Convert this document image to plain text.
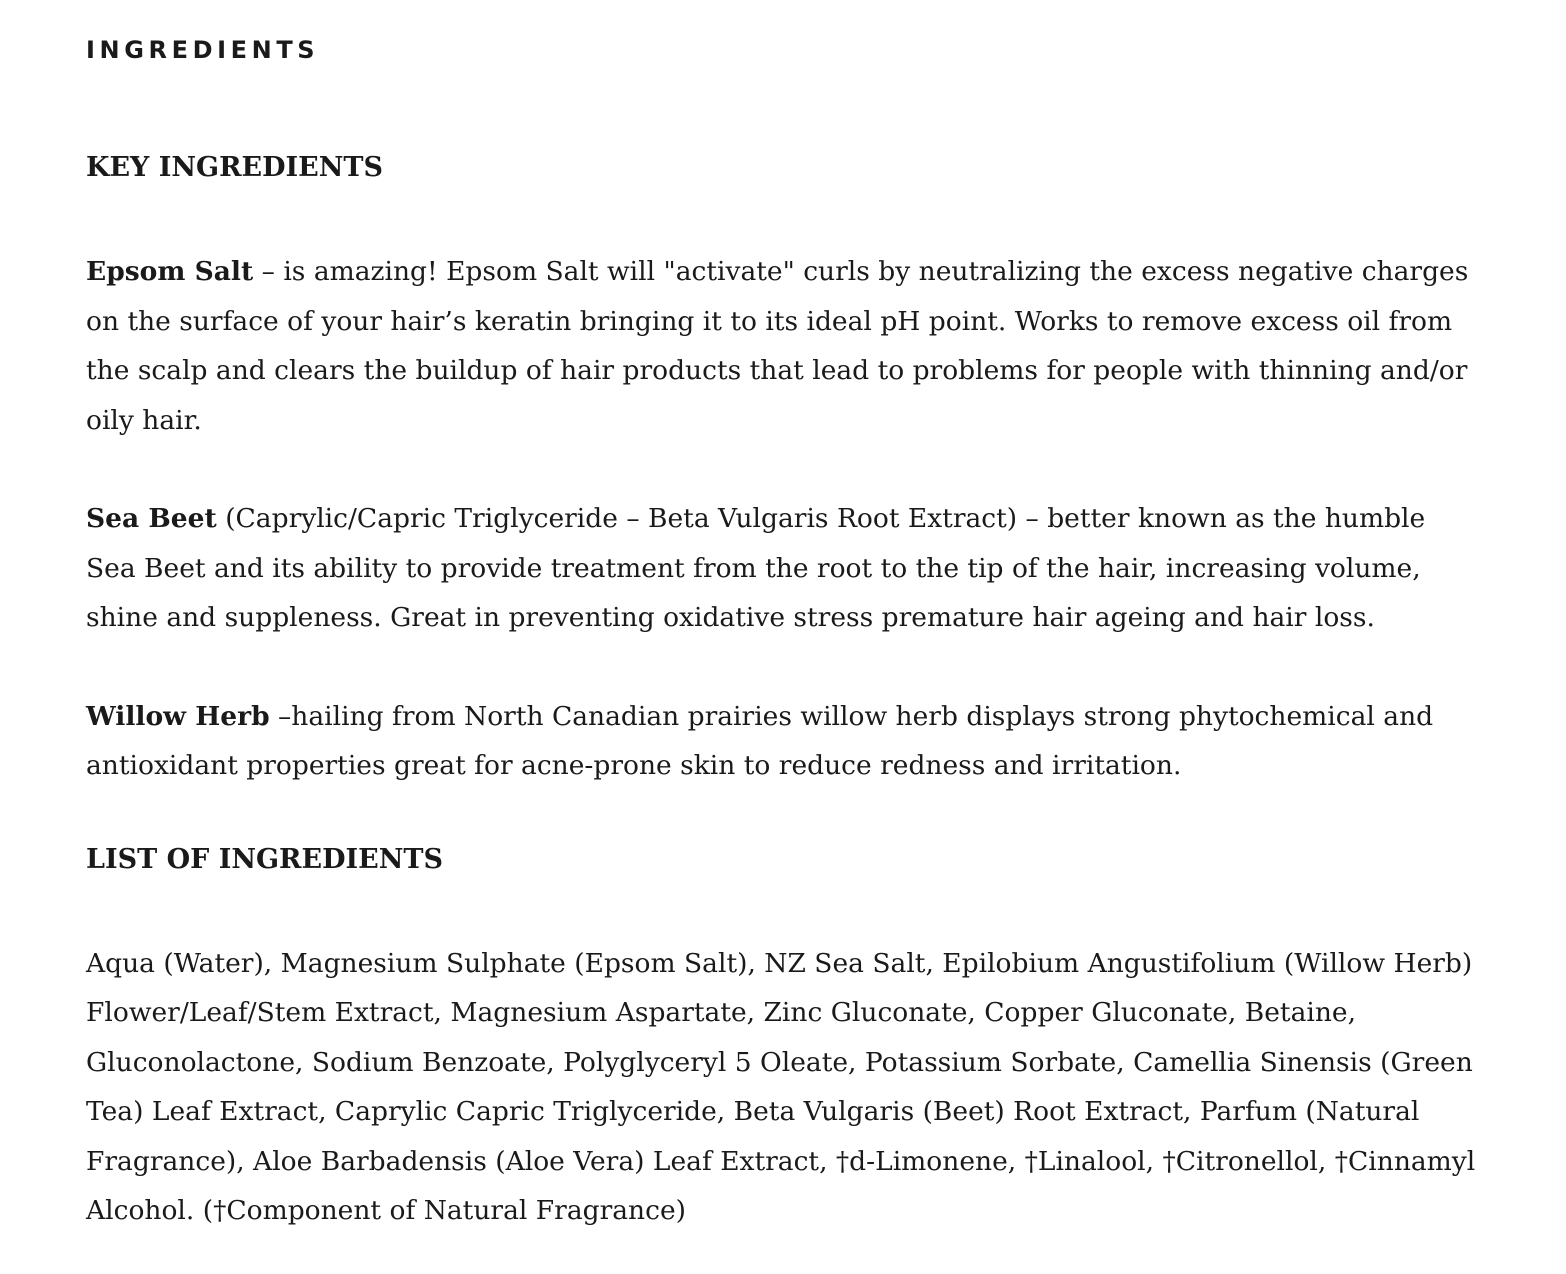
INGREDIENTS
KEY INGREDIENTS

Epsom Salt – is amazing! Epsom Salt will "activate" curls by neutralizing the excess negative charges on the surface of your hair’s keratin bringing it to its ideal pH point. Works to remove excess oil from the scalp and clears the buildup of hair products that lead to problems for people with thinning and/or oily hair.

Sea Beet (Caprylic/Capric Triglyceride – Beta Vulgaris Root Extract) – better known as the humble Sea Beet and its ability to provide treatment from the root to the tip of the hair, increasing volume, shine and suppleness. Great in preventing oxidative stress premature hair ageing and hair loss.

Willow Herb –hailing from North Canadian prairies willow herb displays strong phytochemical and antioxidant properties great for acne-prone skin to reduce redness and irritation.

LIST OF INGREDIENTS

Aqua (Water), Magnesium Sulphate (Epsom Salt), NZ Sea Salt, Epilobium Angustifolium (Willow Herb) Flower/Leaf/Stem Extract, Magnesium Aspartate, Zinc Gluconate, Copper Gluconate, Betaine, Gluconolactone, Sodium Benzoate, Polyglyceryl 5 Oleate, Potassium Sorbate, Camellia Sinensis (Green Tea) Leaf Extract, Caprylic Capric Triglyceride, Beta Vulgaris (Beet) Root Extract, Parfum (Natural Fragrance), Aloe Barbadensis (Aloe Vera) Leaf Extract, †d-Limonene, †Linalool, †Citronellol, †Cinnamyl Alcohol. (†Component of Natural Fragrance)
